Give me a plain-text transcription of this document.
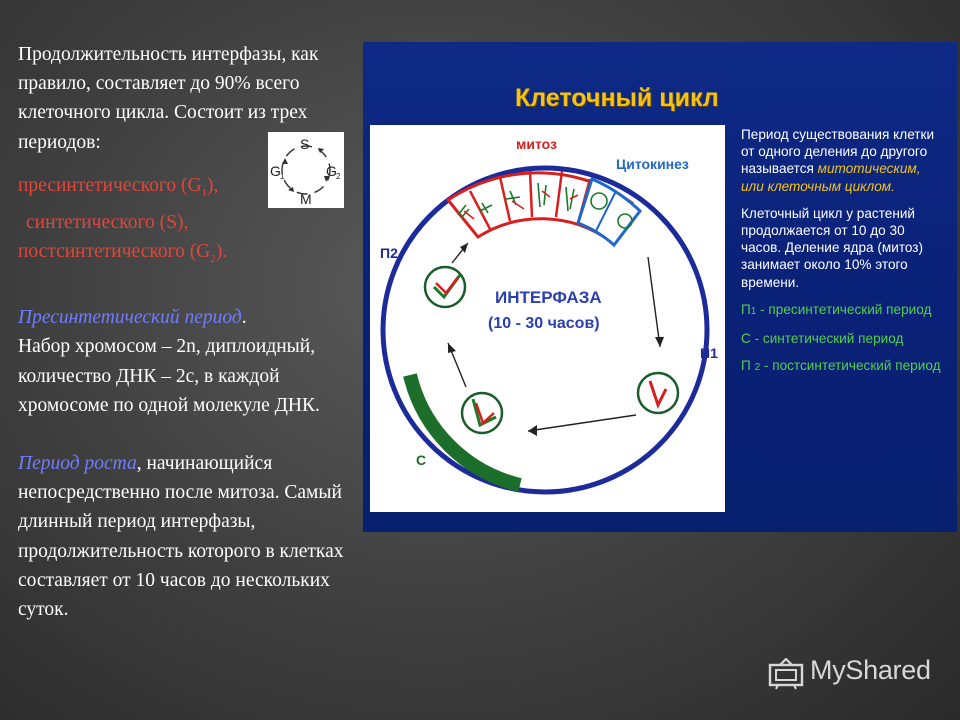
Продолжительность интерфазы, как правило, составляет до 90% всего клеточного цикла. Состоит из трех периодов:

пресинтетического $(G_1)$,

синтетического (S),

постсинтетического $(G_2)$.

Пресинтетический период.
Набор хромосом – 2n, диплоидный, количество ДНК – 2с, в каждой хромосоме по одной молекуле ДНК.

Период роста, начинающийся непосредственно после митоза. Самый длинный период интерфазы, продолжительность которого в клетках составляет от 10 часов до нескольких суток.

S
G 1	G 2
M
Клеточный цикл
митоз
Цитокинез
П2
П1
С
ИНТЕРФАЗА
(10 - 30 часов)

Период существования клетки от одного деления до другого называется митотическим, или клеточным циклом.

Клеточный цикл у растений продолжается от 10 до 30 часов. Деление ядра (митоз) занимает около 10% этого времени.

П1 - пресинтетический период

С - синтетический период

П 2 - постсинтетический период

MyShared
